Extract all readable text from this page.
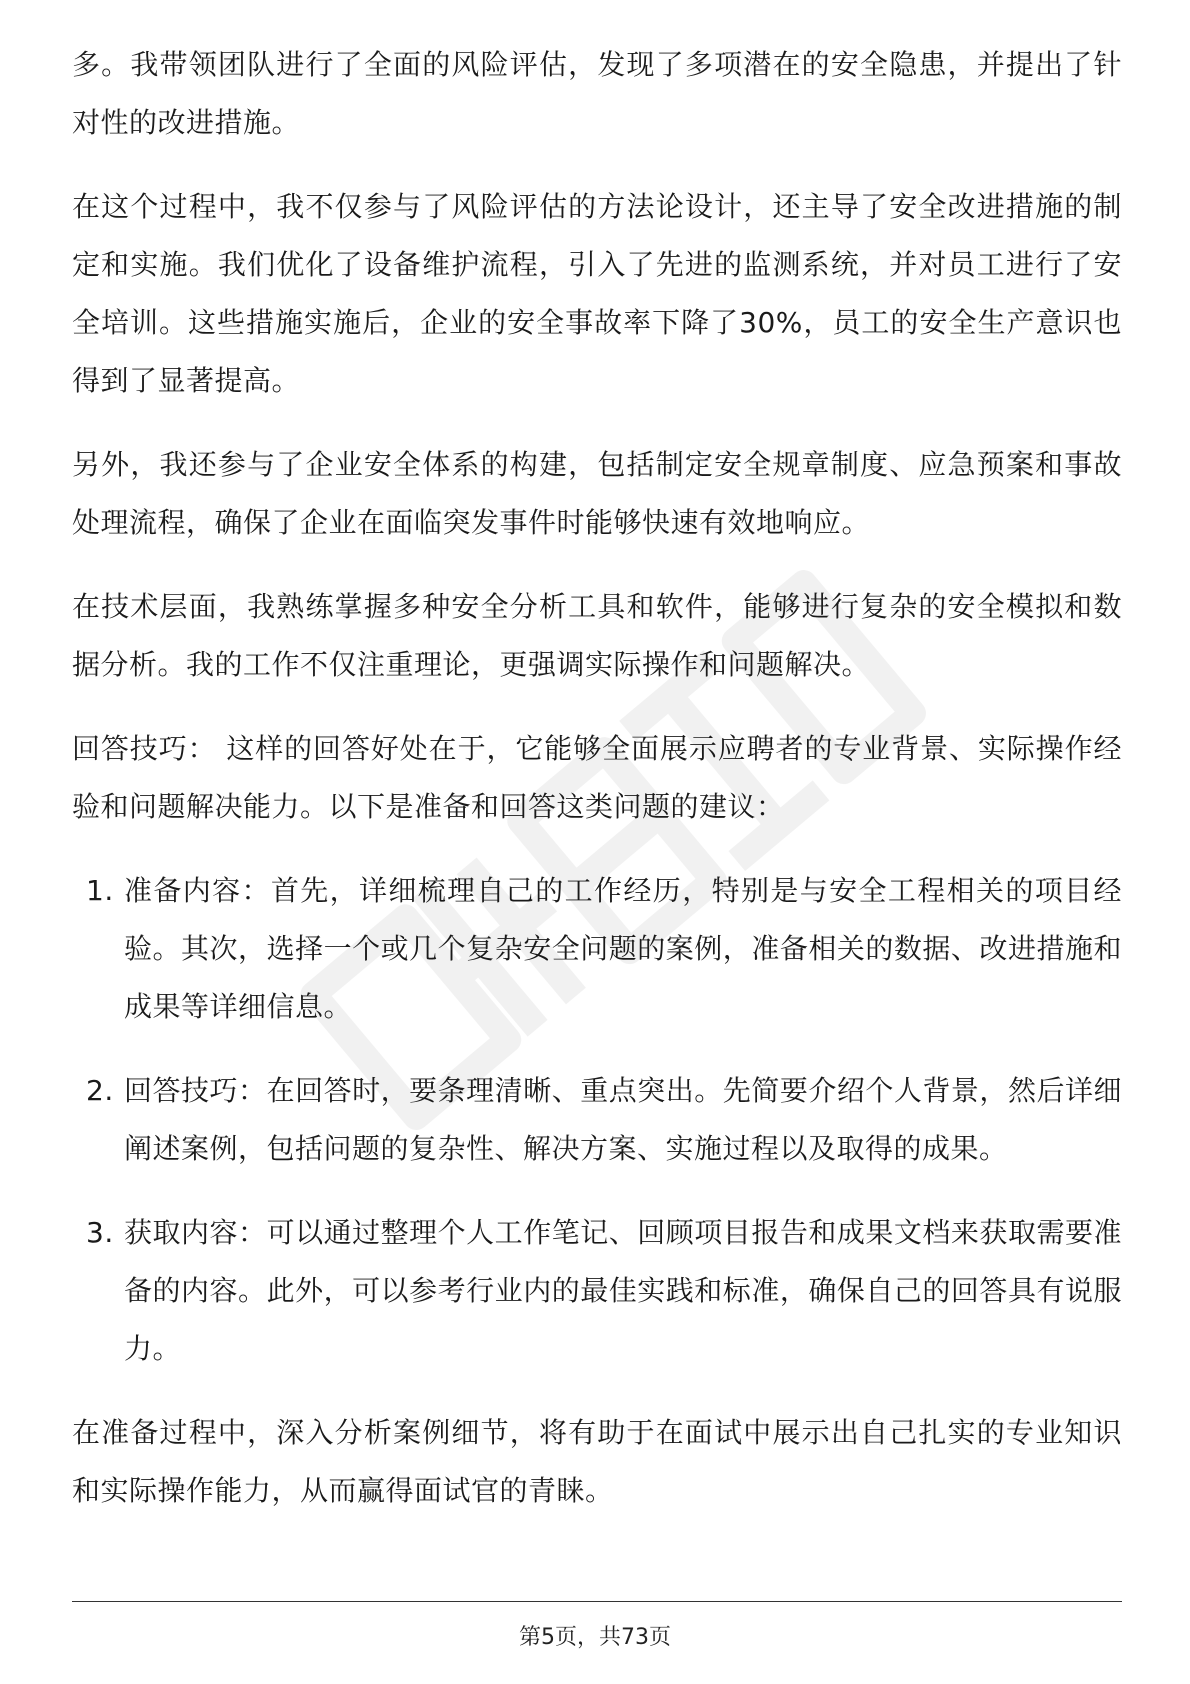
多。我带领团队进行了全面的风险评估，发现了多项潜在的安全隐患，并提出了针对性的改进措施。

在这个过程中，我不仅参与了风险评估的方法论设计，还主导了安全改进措施的制定和实施。我们优化了设备维护流程，引入了先进的监测系统，并对员工进行了安全培训。这些措施实施后，企业的安全事故率下降了30%，员工的安全生产意识也得到了显著提高。

另外，我还参与了企业安全体系的构建，包括制定安全规章制度、应急预案和事故处理流程，确保了企业在面临突发事件时能够快速有效地响应。

在技术层面，我熟练掌握多种安全分析工具和软件，能够进行复杂的安全模拟和数据分析。我的工作不仅注重理论，更强调实际操作和问题解决。

回答技巧： 这样的回答好处在于，它能够全面展示应聘者的专业背景、实际操作经验和问题解决能力。以下是准备和回答这类问题的建议：

1. 准备内容：首先，详细梳理自己的工作经历，特别是与安全工程相关的项目经验。其次，选择一个或几个复杂安全问题的案例，准备相关的数据、改进措施和成果等详细信息。
2. 回答技巧：在回答时，要条理清晰、重点突出。先简要介绍个人背景，然后详细阐述案例，包括问题的复杂性、解决方案、实施过程以及取得的成果。
3. 获取内容：可以通过整理个人工作笔记、回顾项目报告和成果文档来获取需要准备的内容。此外，可以参考行业内的最佳实践和标准，确保自己的回答具有说服力。

在准备过程中，深入分析案例细节，将有助于在面试中展示出自己扎实的专业知识和实际操作能力，从而赢得面试官的青睐。

第5页，共73页
